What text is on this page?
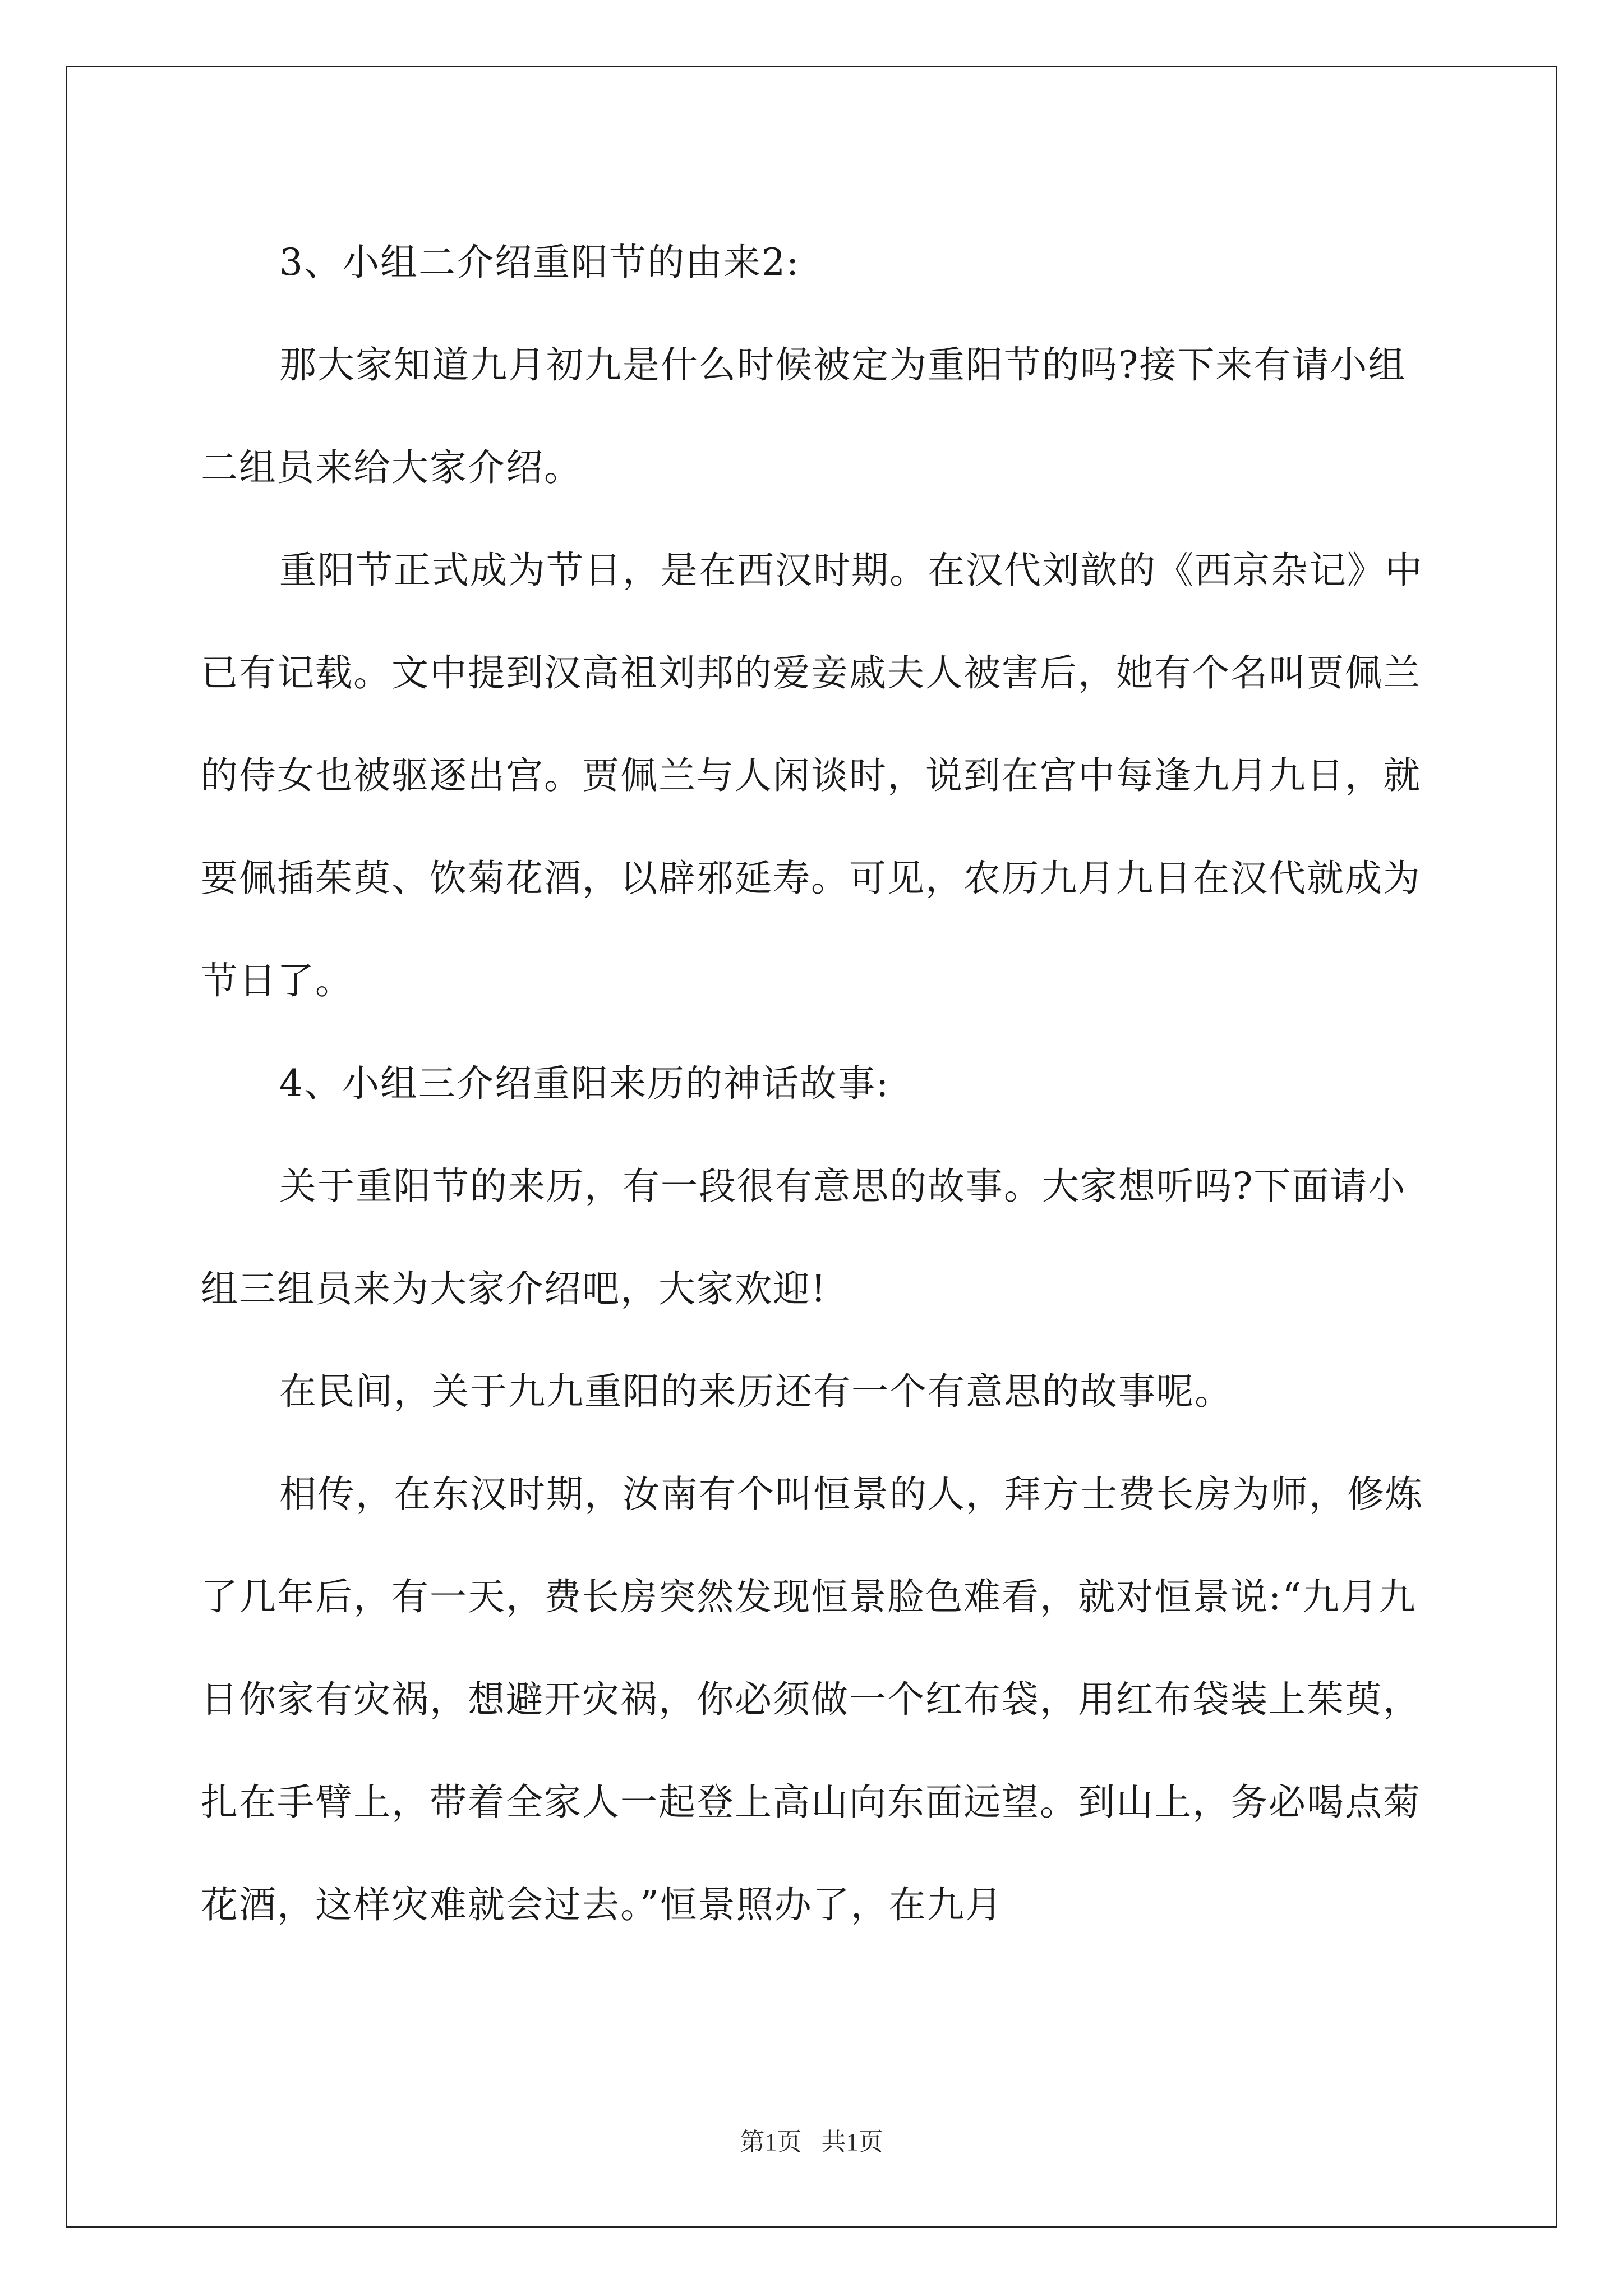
3、小组二介绍重阳节的由来2:

那大家知道九月初九是什么时候被定为重阳节的吗?接下来有请小组二组员来给大家介绍。

重阳节正式成为节日，是在西汉时期。在汉代刘歆的《西京杂记》中已有记载。文中提到汉高祖刘邦的爱妾戚夫人被害后，她有个名叫贾佩兰的侍女也被驱逐出宫。贾佩兰与人闲谈时，说到在宫中每逢九月九日，就要佩插茱萸、饮菊花酒，以辟邪延寿。可见，农历九月九日在汉代就成为节日了。

4、小组三介绍重阳来历的神话故事:

关于重阳节的来历，有一段很有意思的故事。大家想听吗?下面请小组三组员来为大家介绍吧，大家欢迎!

在民间，关于九九重阳的来历还有一个有意思的故事呢。

相传，在东汉时期，汝南有个叫恒景的人，拜方士费长房为师，修炼了几年后，有一天，费长房突然发现恒景脸色难看，就对恒景说:“九月九日你家有灾祸，想避开灾祸，你必须做一个红布袋，用红布袋装上茱萸，扎在手臂上，带着全家人一起登上高山向东面远望。到山上，务必喝点菊花酒，这样灾难就会过去。”恒景照办了，在九月

第1页 共1页
